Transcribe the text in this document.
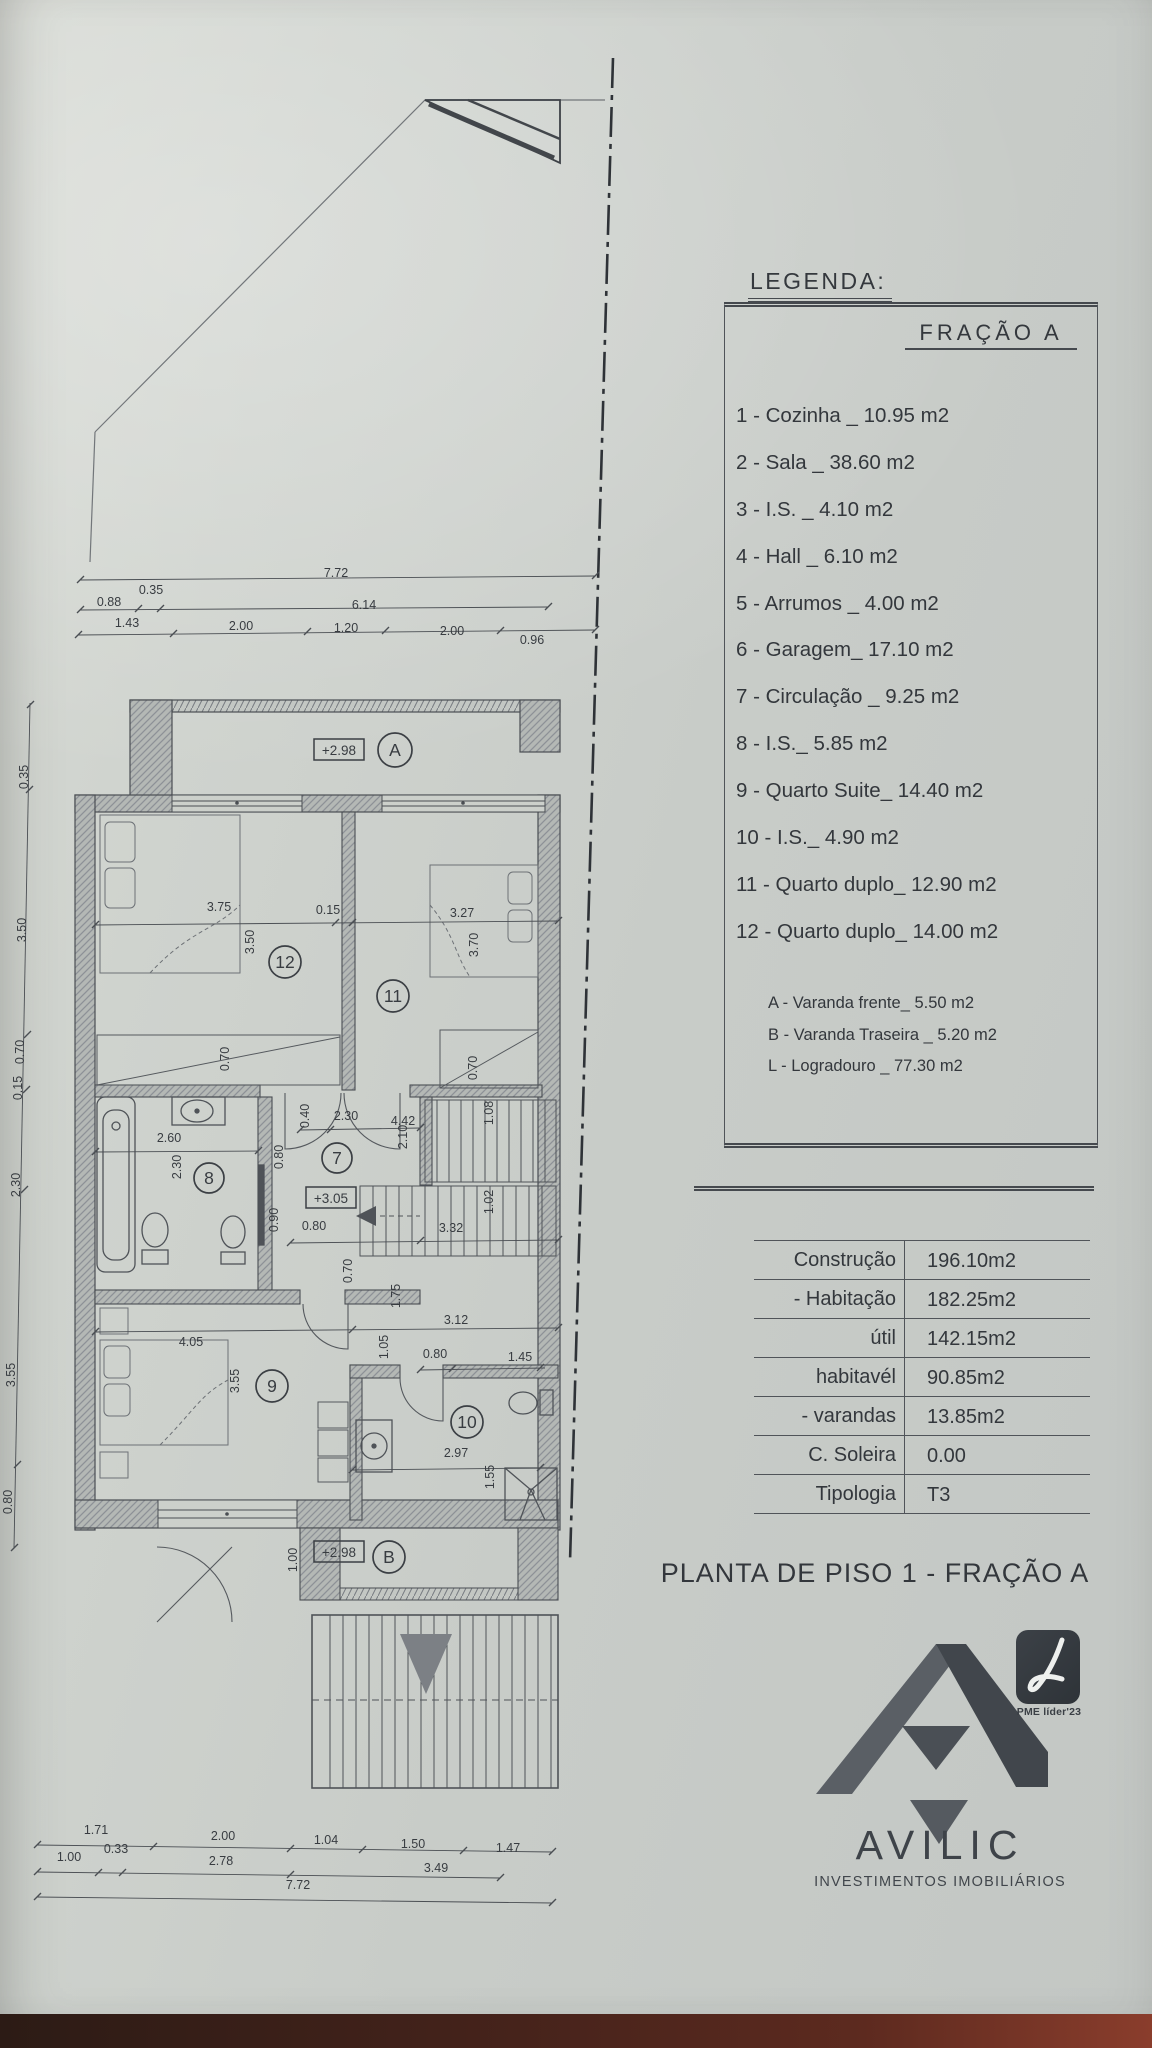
7.72
0.88
0.35
6.14
1.43	2.00	1.20	2.00
0.96
0.35
3.50
0.70
0.15
2.30
3.55
0.80
3.75	0.15	3.27
3.50	3.70
0.70	0.70
2.60
2.30
0.40 2.30	4.42
0.80
0.90 0.80	3.32
2.10
1.08
1.02
0.70
1.75
3.12
1.05	0.80	1.45
4.05
3.55
2.97
1.55
1.00
1.71	2.00	1.04	1.50	1.47
1.00
0.33
2.78	3.49
7.72
A
12
11
8
7
9
10
B
+2.98
+3.05
+2.98
LEGENDA:
FRAÇÃO A
1 - Cozinha _ 10.95 m2
2 - Sala _ 38.60 m2
3 - I.S. _ 4.10 m2
4 - Hall _ 6.10 m2
5 - Arrumos _ 4.00 m2
6 - Garagem_ 17.10 m2
7 - Circulação _ 9.25 m2
8 - I.S._ 5.85 m2
9 - Quarto Suite_ 14.40 m2
10 - I.S._ 4.90 m2
11 - Quarto duplo_ 12.90 m2
12 - Quarto duplo_ 14.00 m2
A - Varanda frente_ 5.50 m2
B - Varanda Traseira _ 5.20 m2
L - Logradouro _ 77.30 m2
Construção	196.10m2
- Habitação	182.25m2
útil	142.15m2
habitavél	90.85m2
- varandas	13.85m2
C. Soleira	0.00
Tipologia	T3
PLANTA DE PISO 1 - FRAÇÃO A
AVILIC
INVESTIMENTOS IMOBILIÁRIOS
PME líder'23
